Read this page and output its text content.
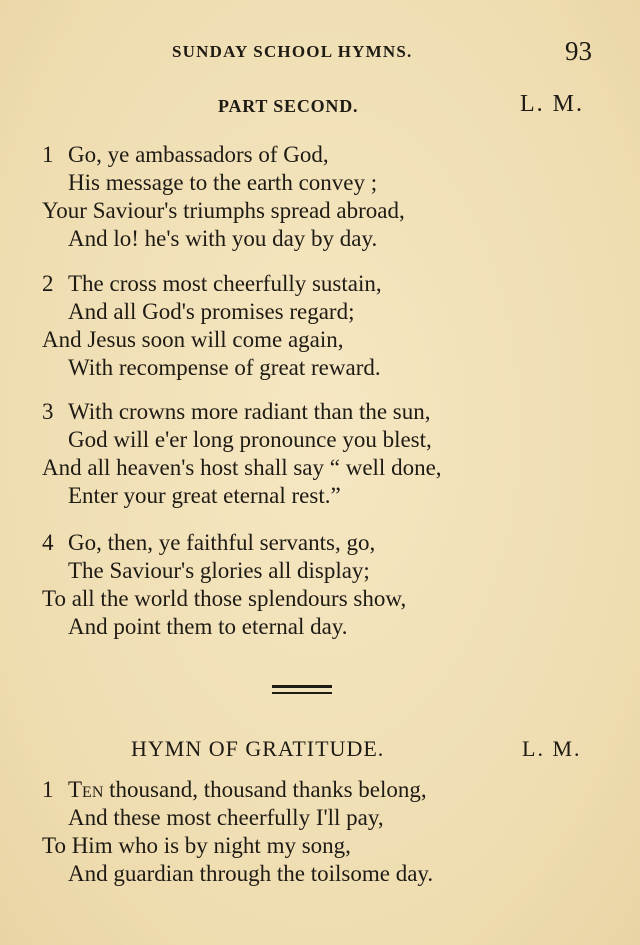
SUNDAY SCHOOL HYMNS.	93
PART SECOND.	L. M.
1 Go, ye ambassadors of God,
His message to the earth convey ;
Your Saviour's triumphs spread abroad,
And lo! he's with you day by day.
2 The cross most cheerfully sustain,
And all God's promises regard;
And Jesus soon will come again,
With recompense of great reward.
3 With crowns more radiant than the sun,
God will e'er long pronounce you blest,
And all heaven's host shall say “ well done,
Enter your great eternal rest.”
4 Go, then, ye faithful servants, go,
The Saviour's glories all display;
To all the world those splendours show,
And point them to eternal day.
HYMN OF GRATITUDE.	L. M.
1 Ten thousand, thousand thanks belong,
And these most cheerfully I'll pay,
To Him who is by night my song,
And guardian through the toilsome day.
